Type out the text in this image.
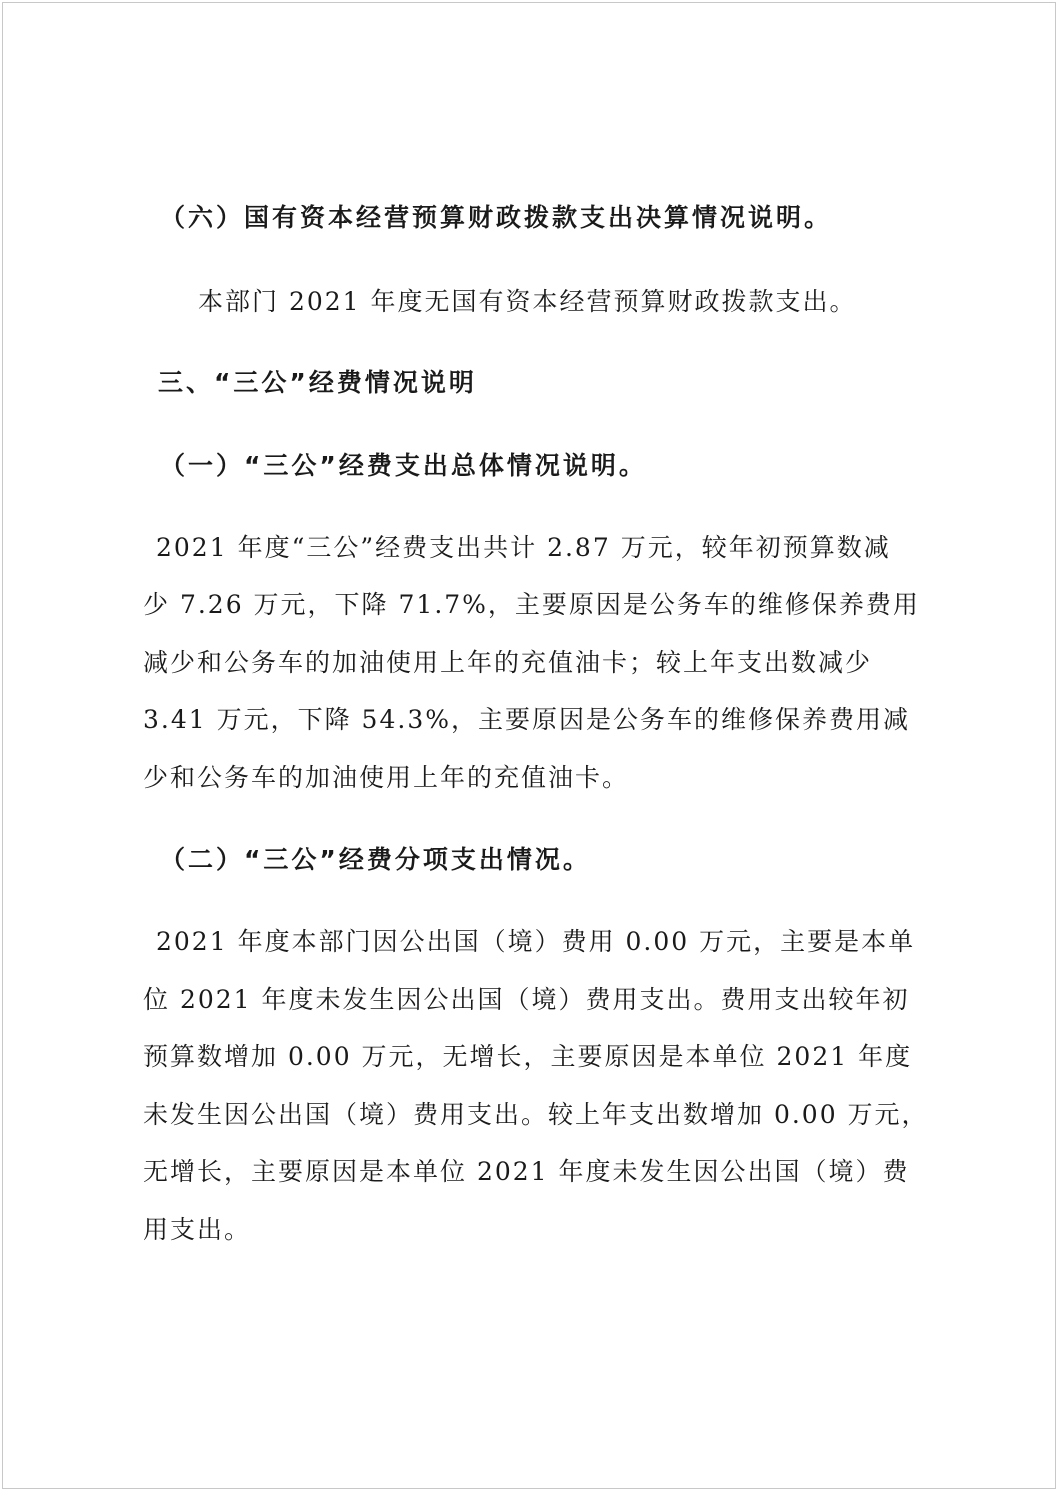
（六）国有资本经营预算财政拨款支出决算情况说明。
本部门 2021 年度无国有资本经营预算财政拨款支出。
三、“三公”经费情况说明
（一）“三公”经费支出总体情况说明。
2021 年度“三公”经费支出共计 2.87 万元，较年初预算数减
少 7.26 万元，下降 71.7%，主要原因是公务车的维修保养费用
减少和公务车的加油使用上年的充值油卡；较上年支出数减少
3.41 万元，下降 54.3%，主要原因是公务车的维修保养费用减
少和公务车的加油使用上年的充值油卡。
（二）“三公”经费分项支出情况。
2021 年度本部门因公出国（境）费用 0.00 万元，主要是本单
位 2021 年度未发生因公出国（境）费用支出。费用支出较年初
预算数增加 0.00 万元，无增长，主要原因是本单位 2021 年度
未发生因公出国（境）费用支出。较上年支出数增加 0.00 万元，
无增长，主要原因是本单位 2021 年度未发生因公出国（境）费
用支出。
